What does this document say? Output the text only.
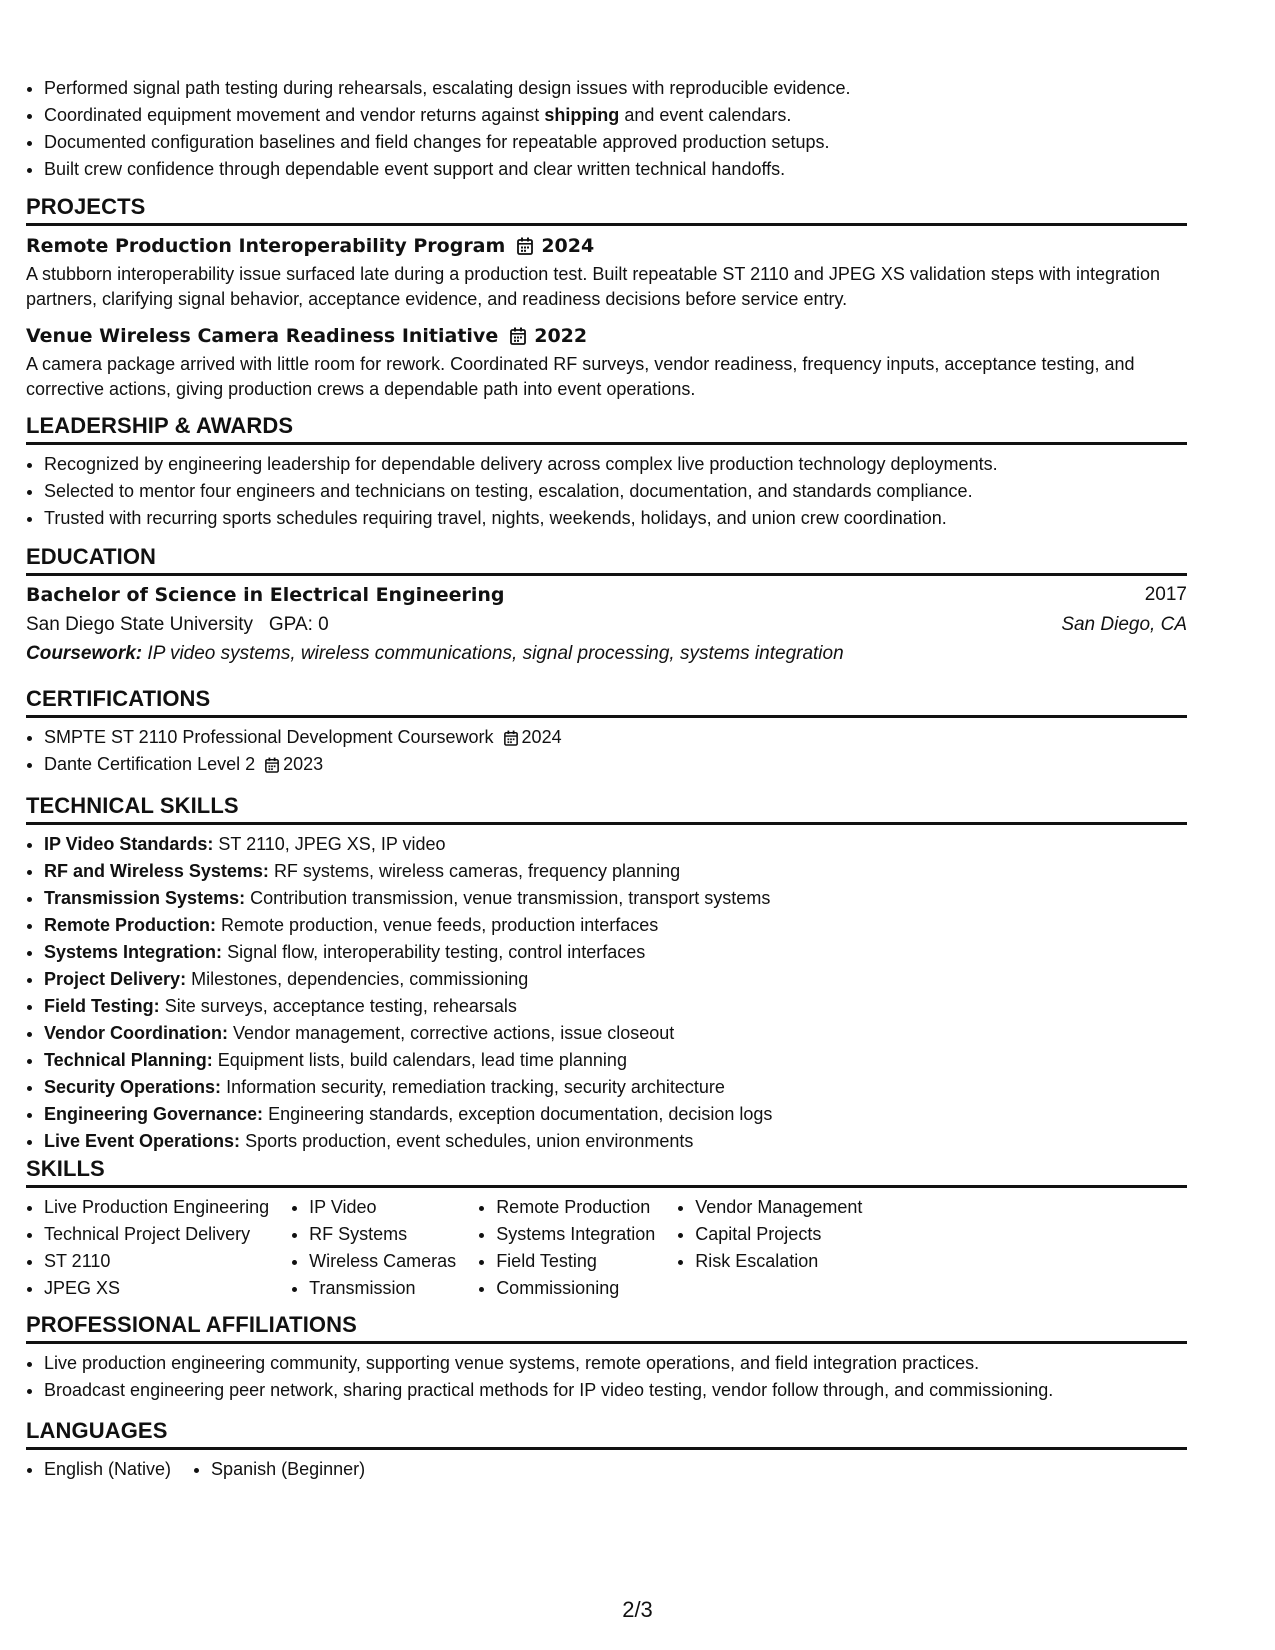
• Performed signal path testing during rehearsals, escalating design issues with reproducible evidence.
• Coordinated equipment movement and vendor returns against shipping and event calendars.
• Documented configuration baselines and field changes for repeatable approved production setups.
• Built crew confidence through dependable event support and clear written technical handoffs.
PROJECTS
Remote Production Interoperability Program 2024
A stubborn interoperability issue surfaced late during a production test. Built repeatable ST 2110 and JPEG XS validation steps with integration partners, clarifying signal behavior, acceptance evidence, and readiness decisions before service entry.
Venue Wireless Camera Readiness Initiative 2022
A camera package arrived with little room for rework. Coordinated RF surveys, vendor readiness, frequency inputs, acceptance testing, and corrective actions, giving production crews a dependable path into event operations.
LEADERSHIP & AWARDS
• Recognized by engineering leadership for dependable delivery across complex live production technology deployments.
• Selected to mentor four engineers and technicians on testing, escalation, documentation, and standards compliance.
• Trusted with recurring sports schedules requiring travel, nights, weekends, holidays, and union crew coordination.
EDUCATION
Bachelor of Science in Electrical Engineering	2017
San Diego State University GPA: 0	San Diego, CA
Coursework: IP video systems, wireless communications, signal processing, systems integration
CERTIFICATIONS
• SMPTE ST 2110 Professional Development Coursework 2024
• Dante Certification Level 2 2023
TECHNICAL SKILLS
• IP Video Standards: ST 2110, JPEG XS, IP video
• RF and Wireless Systems: RF systems, wireless cameras, frequency planning
• Transmission Systems: Contribution transmission, venue transmission, transport systems
• Remote Production: Remote production, venue feeds, production interfaces
• Systems Integration: Signal flow, interoperability testing, control interfaces
• Project Delivery: Milestones, dependencies, commissioning
• Field Testing: Site surveys, acceptance testing, rehearsals
• Vendor Coordination: Vendor management, corrective actions, issue closeout
• Technical Planning: Equipment lists, build calendars, lead time planning
• Security Operations: Information security, remediation tracking, security architecture
• Engineering Governance: Engineering standards, exception documentation, decision logs
• Live Event Operations: Sports production, event schedules, union environments
SKILLS
• Live Production Engineering
• Technical Project Delivery
• ST 2110
• JPEG XS
• IP Video
• RF Systems
• Wireless Cameras
• Transmission
• Remote Production
• Systems Integration
• Field Testing
• Commissioning
• Vendor Management
• Capital Projects
• Risk Escalation
PROFESSIONAL AFFILIATIONS
• Live production engineering community, supporting venue systems, remote operations, and field integration practices.
• Broadcast engineering peer network, sharing practical methods for IP video testing, vendor follow through, and commissioning.
LANGUAGES
• English (Native)
• Spanish (Beginner)
2/3
